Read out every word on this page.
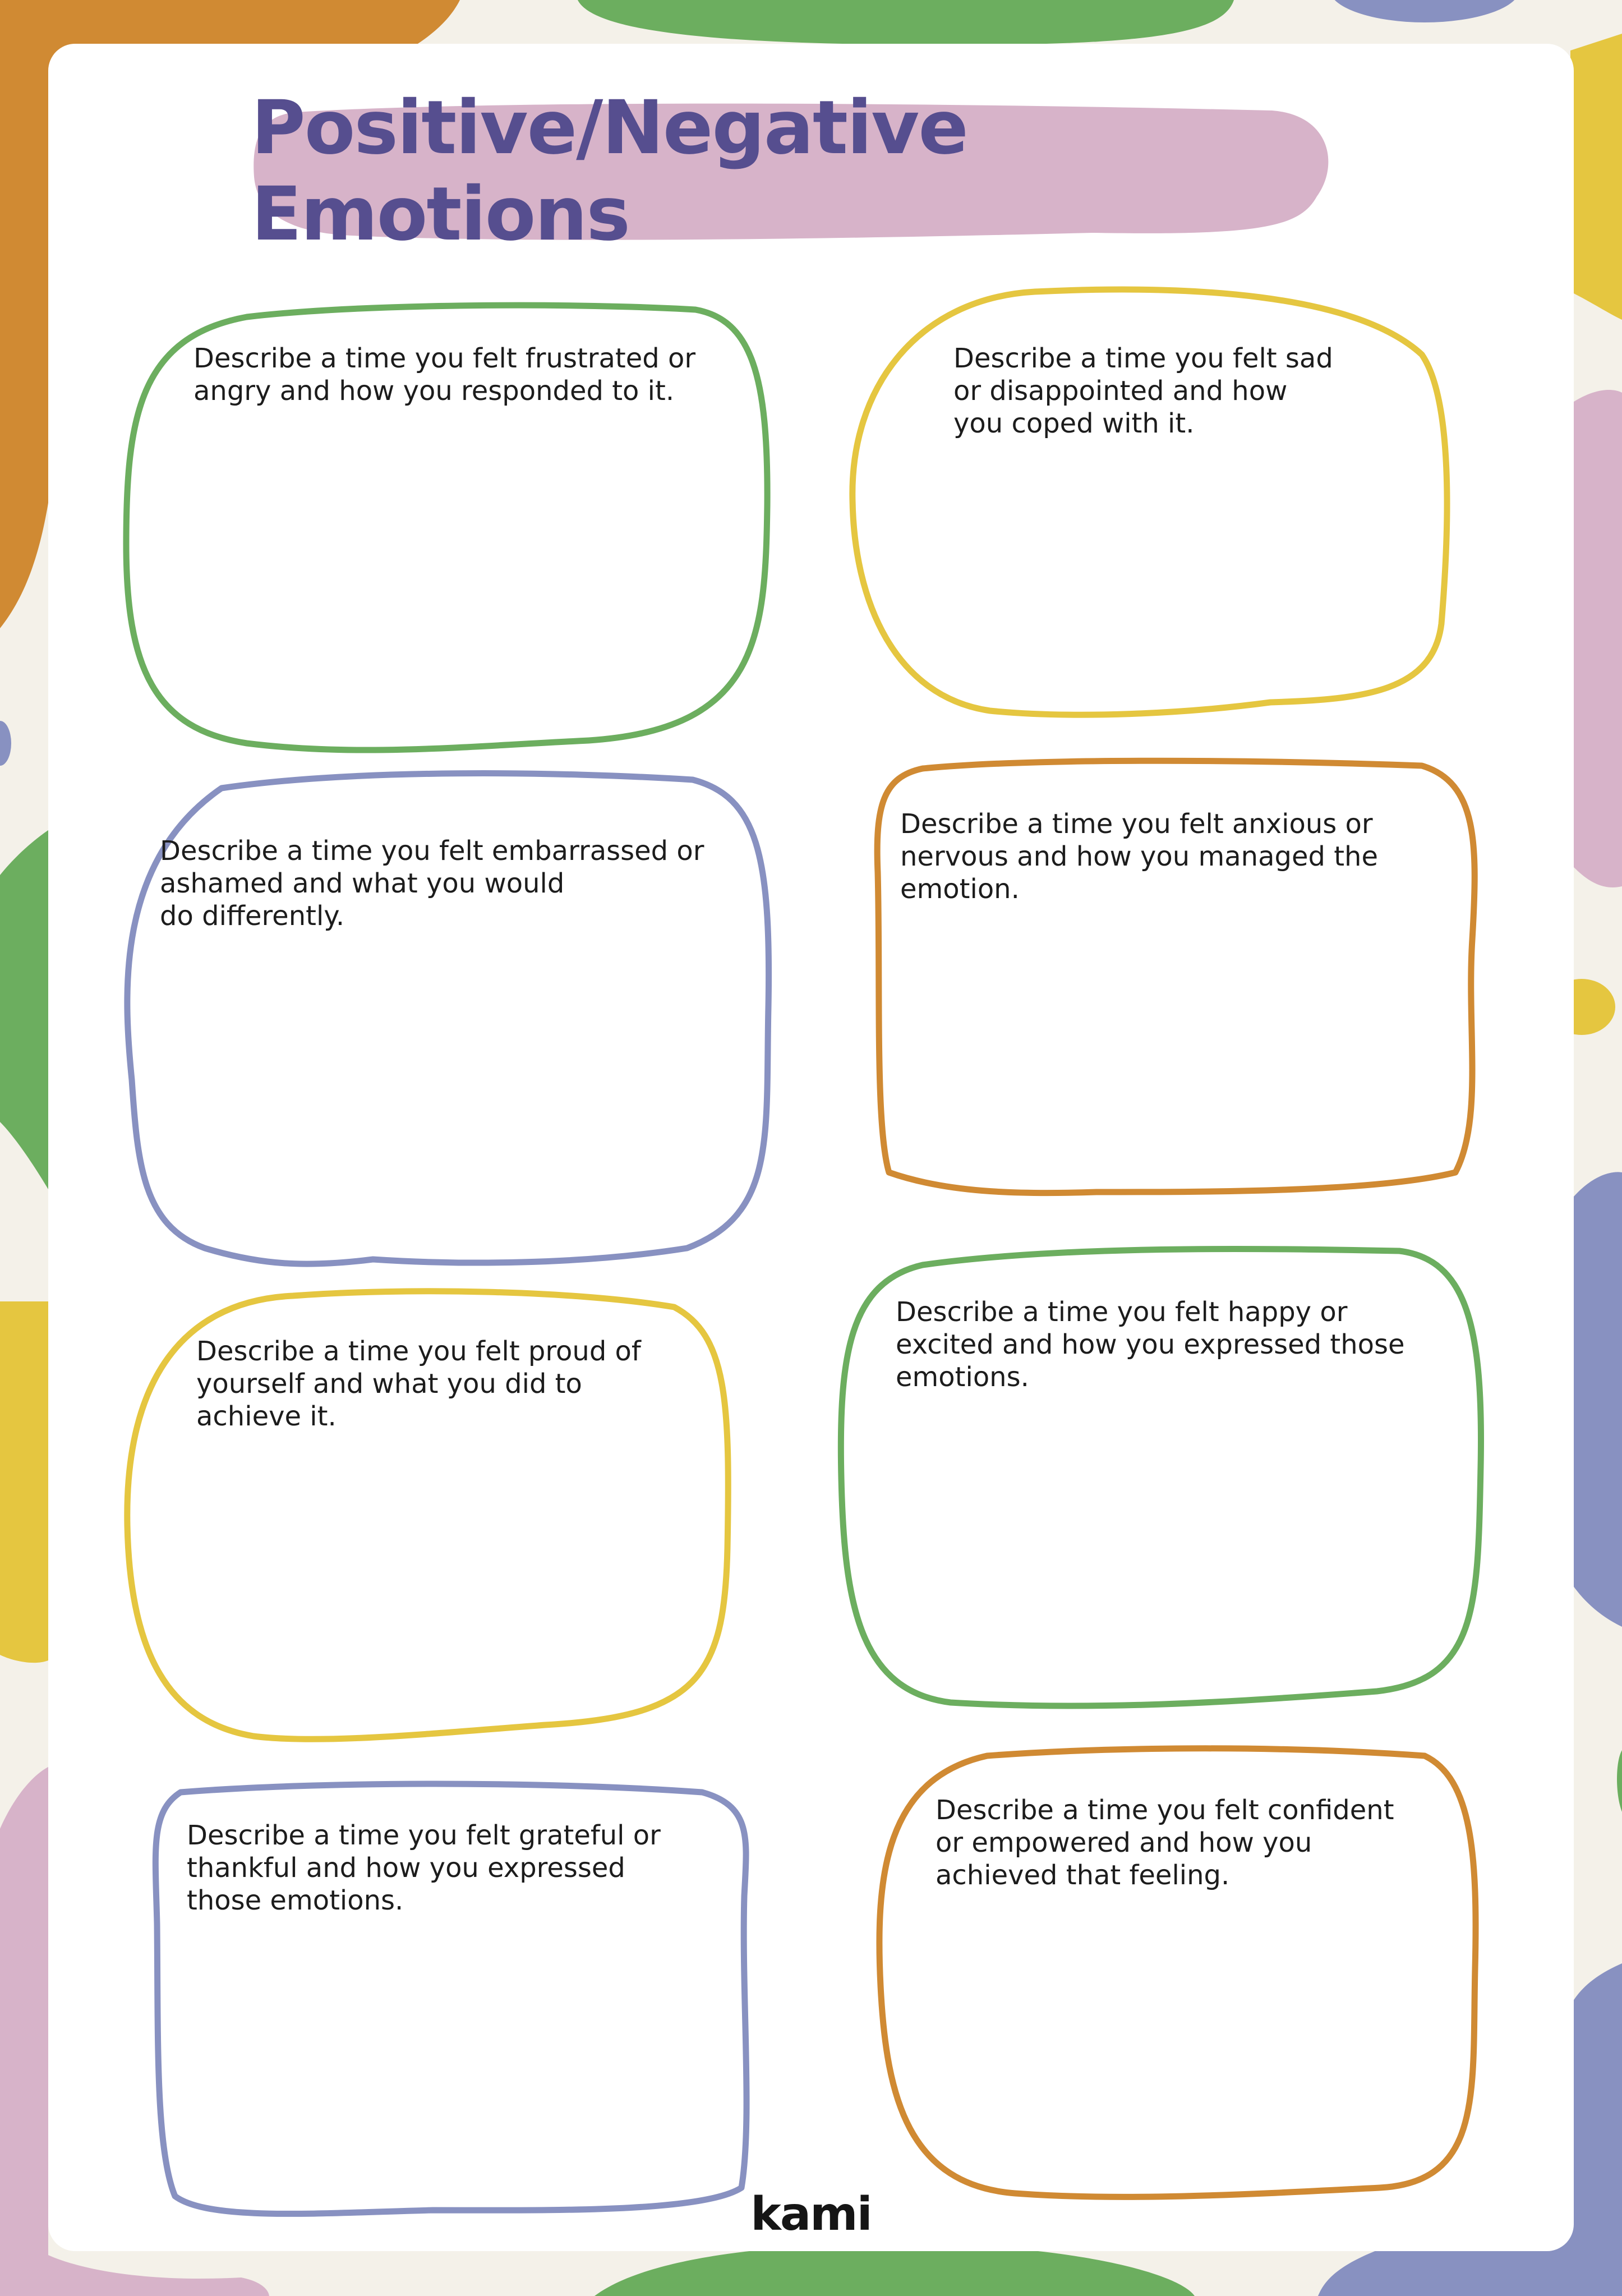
Positive/Negative Emotions
Describe a time you felt frustrated or
angry and how you responded to it.
Describe a time you felt sad
or disappointed and how
you coped with it.
Describe a time you felt embarrassed or
ashamed and what you would
do differently.
Describe a time you felt anxious or
nervous and how you managed the
emotion.
Describe a time you felt proud of
yourself and what you did to
achieve it.
Describe a time you felt happy or
excited and how you expressed those
emotions.
Describe a time you felt grateful or
thankful and how you expressed
those emotions.
Describe a time you felt confident
or empowered and how you
achieved that feeling.
kami
